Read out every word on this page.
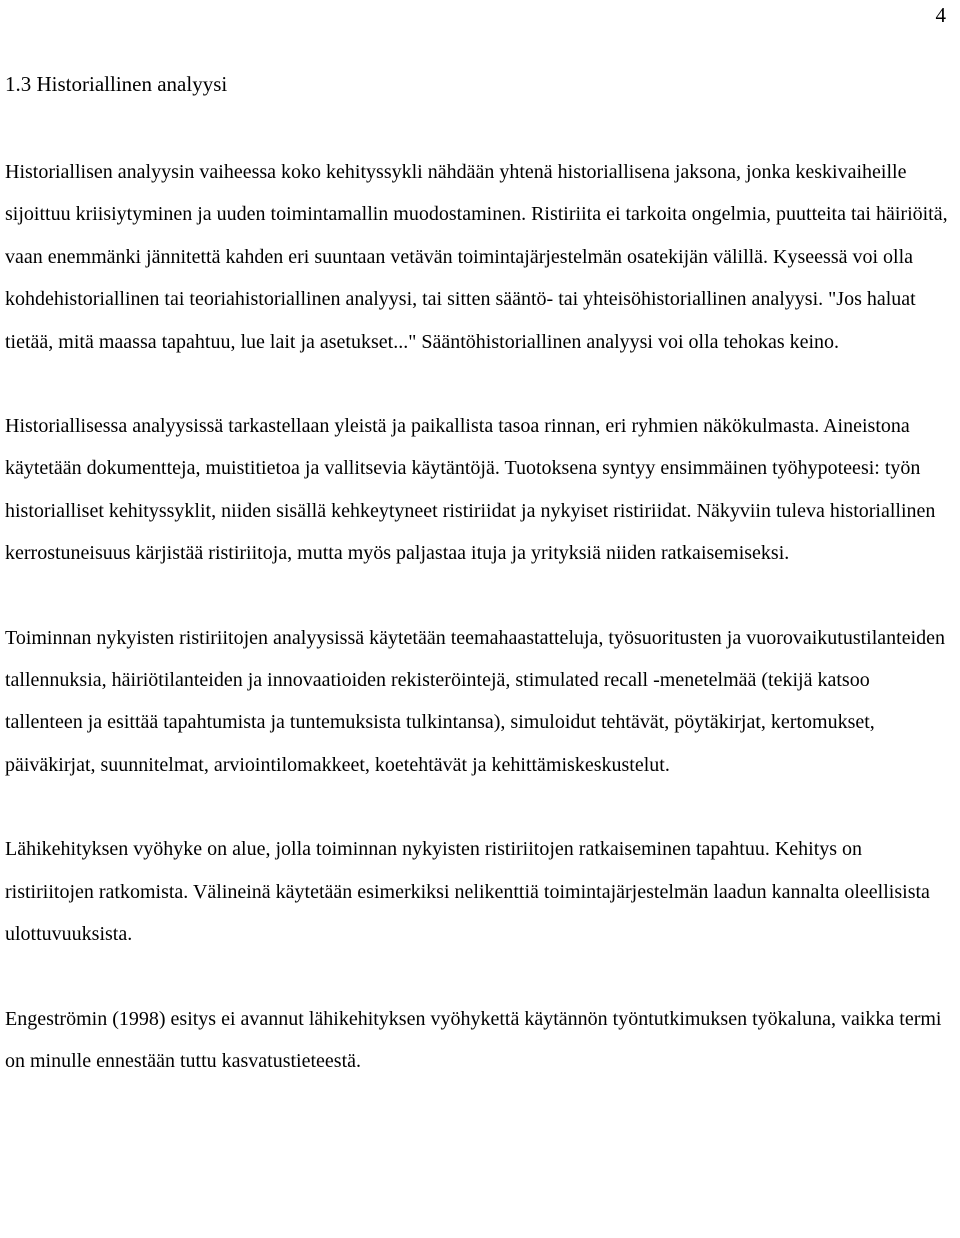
4
1.3 Historiallinen analyysi

Historiallisen analyysin vaiheessa koko kehityssykli nähdään yhtenä historiallisena jaksona, jonka keskivaiheille sijoittuu kriisiytyminen ja uuden toimintamallin muodostaminen. Ristiriita ei tarkoita ongelmia, puutteita tai häiriöitä, vaan enemmänki jännitettä kahden eri suuntaan vetävän toimintajärjestelmän osatekijän välillä. Kyseessä voi olla kohdehistoriallinen tai teoriahistoriallinen analyysi, tai sitten sääntö- tai yhteisöhistoriallinen analyysi. "Jos haluat tietää, mitä maassa tapahtuu, lue lait ja asetukset..." Sääntöhistoriallinen analyysi voi olla tehokas keino.

Historiallisessa analyysissä tarkastellaan yleistä ja paikallista tasoa rinnan, eri ryhmien näkökulmasta. Aineistona käytetään dokumentteja, muistitietoa ja vallitsevia käytäntöjä. Tuotoksena syntyy ensimmäinen työhypoteesi: työn historialliset kehityssyklit, niiden sisällä kehkeytyneet ristiriidat ja nykyiset ristiriidat. Näkyviin tuleva historiallinen kerrostuneisuus kärjistää ristiriitoja, mutta myös paljastaa ituja ja yrityksiä niiden ratkaisemiseksi.

Toiminnan nykyisten ristiriitojen analyysissä käytetään teemahaastatteluja, työsuoritusten ja vuorovaikutustilanteiden tallennuksia, häiriötilanteiden ja innovaatioiden rekisteröintejä, stimulated recall -menetelmää (tekijä katsoo tallenteen ja esittää tapahtumista ja tuntemuksista tulkintansa), simuloidut tehtävät, pöytäkirjat, kertomukset, päiväkirjat, suunnitelmat, arviointilomakkeet, koetehtävät ja kehittämiskeskustelut.

Lähikehityksen vyöhyke on alue, jolla toiminnan nykyisten ristiriitojen ratkaiseminen tapahtuu. Kehitys on ristiriitojen ratkomista. Välineinä käytetään esimerkiksi nelikenttiä toimintajärjestelmän laadun kannalta oleellisista ulottuvuuksista.

Engeströmin (1998) esitys ei avannut lähikehityksen vyöhykettä käytännön työntutkimuksen työkaluna, vaikka termi on minulle ennestään tuttu kasvatustieteestä.
